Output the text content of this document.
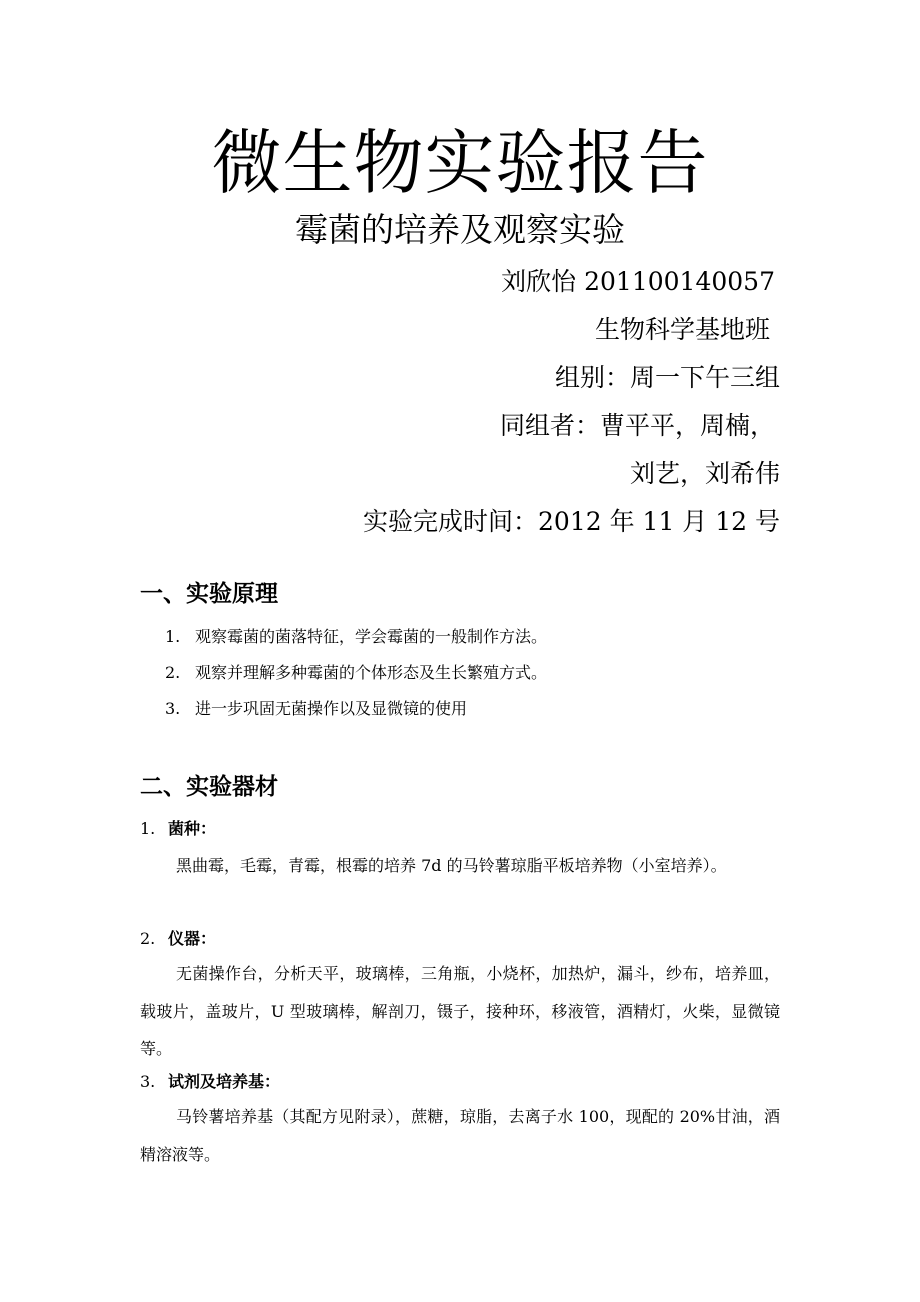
微生物实验报告
霉菌的培养及观察实验
刘欣怡 201100140057
生物科学基地班
组别：周一下午三组
同组者：曹平平，周楠，
刘艺，刘希伟
实验完成时间：2012 年 11 月 12 号
一、实验原理
1. 观察霉菌的菌落特征，学会霉菌的一般制作方法。
2. 观察并理解多种霉菌的个体形态及生长繁殖方式。
3. 进一步巩固无菌操作以及显微镜的使用
二、实验器材
1. 菌种：

黑曲霉，毛霉，青霉，根霉的培养 7d 的马铃薯琼脂平板培养物（小室培养）。

2. 仪器：

无菌操作台，分析天平，玻璃棒，三角瓶，小烧杯，加热炉，漏斗，纱布，培养皿，载玻片，盖玻片，U 型玻璃棒，解剖刀，镊子，接种环，移液管，酒精灯，火柴，显微镜等。

3. 试剂及培养基：

马铃薯培养基（其配方见附录），蔗糖，琼脂，去离子水 100，现配的 20%甘油，酒精溶液等。
